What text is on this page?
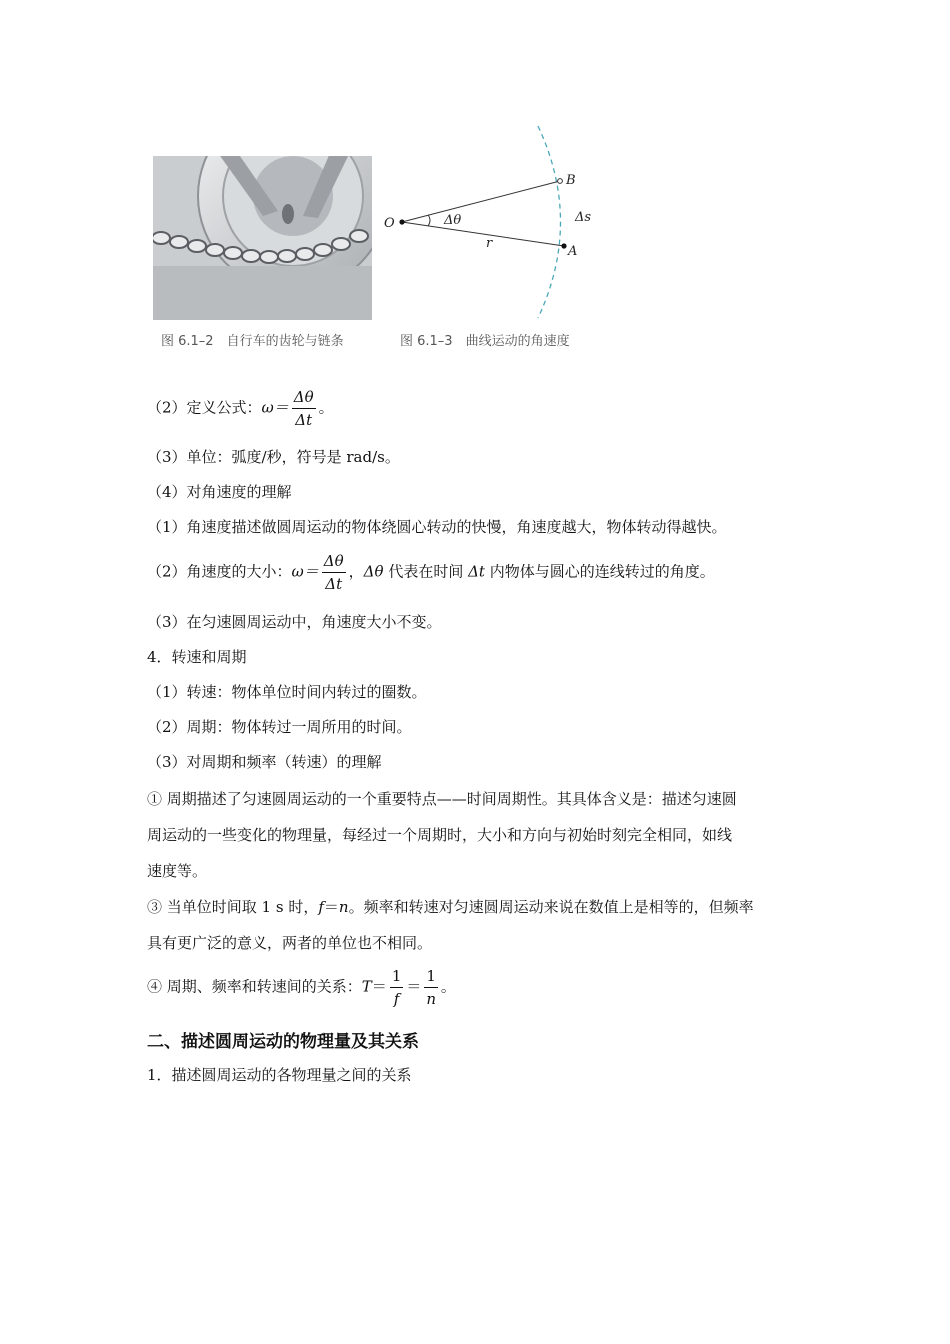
图 6.1–2　自行车的齿轮与链条
O
A
B
Δθ
r
Δs
图 6.1–3　曲线运动的角速度
（2）定义公式：$\omega= \frac{\Delta\theta}{\Delta t}$ 。
（3）单位：弧度/秒，符号是 rad/s。
（4）对角速度的理解
（1）角速度描述做圆周运动的物体绕圆心转动的快慢，角速度越大，物体转动得越快。
（2）角速度的大小：$\omega= \frac{\Delta\theta}{\Delta t}$ ，Δθ 代表在时间 Δt 内物体与圆心的连线转过的角度。
（3）在匀速圆周运动中，角速度大小不变。
4．转速和周期
（1）转速：物体单位时间内转过的圈数。
（2）周期：物体转过一周所用的时间。
（3）对周期和频率（转速）的理解
① 周期描述了匀速圆周运动的一个重要特点——时间周期性。其具体含义是：描述匀速圆
周运动的一些变化的物理量，每经过一个周期时，大小和方向与初始时刻完全相同，如线
速度等。
③ 当单位时间取 1 s 时，f＝n。频率和转速对匀速圆周运动来说在数值上是相等的，但频率
具有更广泛的意义，两者的单位也不相同。
④ 周期、频率和转速间的关系：$T= \frac{1}{f} = \frac{1}{n}$ 。
二、描述圆周运动的物理量及其关系
1．描述圆周运动的各物理量之间的关系
